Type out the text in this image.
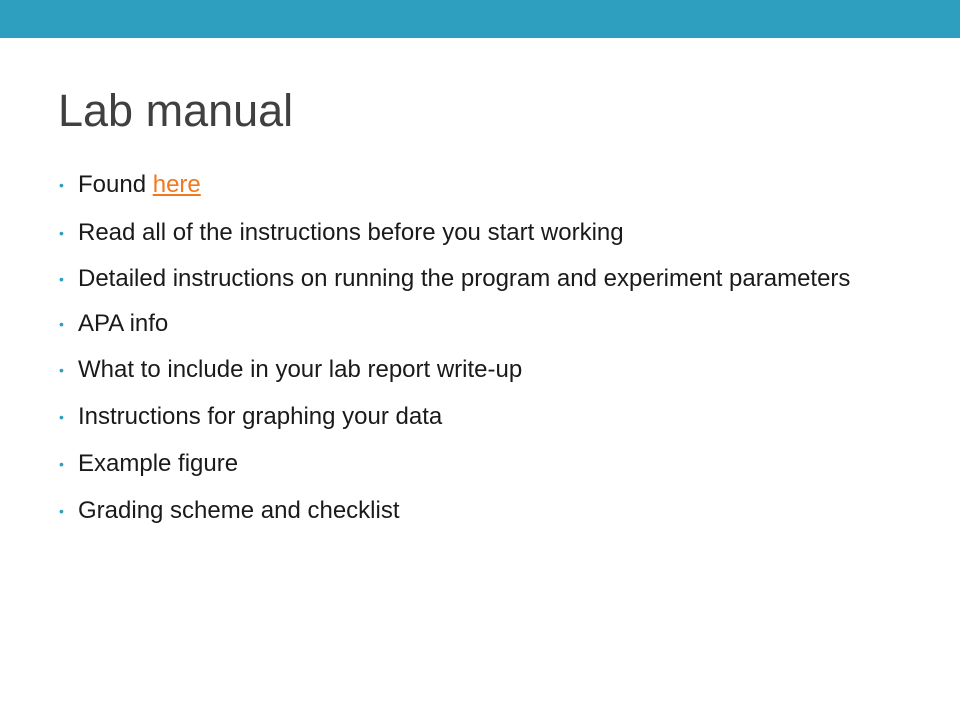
Lab manual
• Found here
• Read all of the instructions before you start working
• Detailed instructions on running the program and experiment parameters
• APA info
• What to include in your lab report write-up
• Instructions for graphing your data
• Example figure
• Grading scheme and checklist
